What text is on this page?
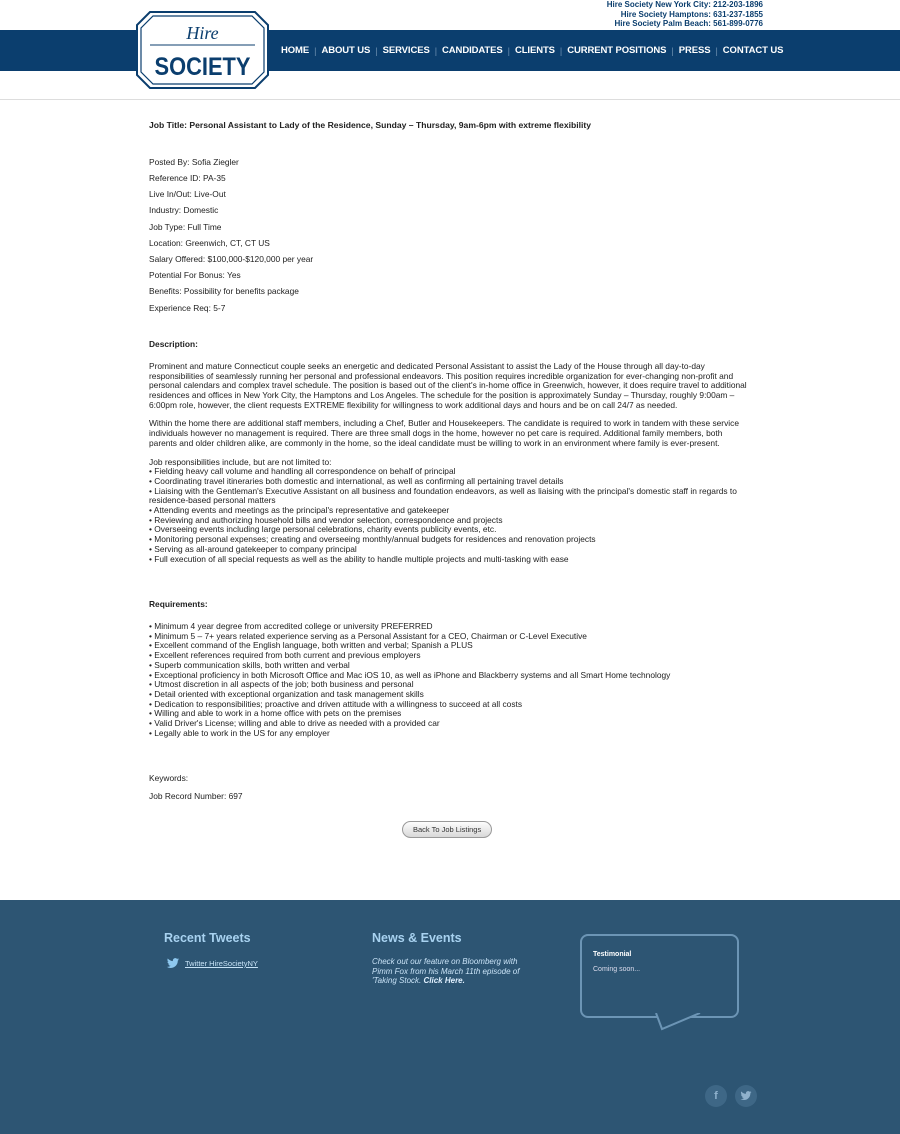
Hire Society New York City: 212-203-1896
Hire Society Hamptons: 631-237-1855
Hire Society Palm Beach: 561-899-0776
Hire
SOCIETY
HOME | ABOUT US | SERVICES | CANDIDATES | CLIENTS | CURRENT POSITIONS | PRESS | CONTACT US

Job Title: Personal Assistant to Lady of the Residence, Sunday – Thursday, 9am-6pm with extreme flexibility

Posted By: Sofia Ziegler

Reference ID: PA-35

Live In/Out: Live-Out

Industry: Domestic

Job Type: Full Time

Location: Greenwich, CT, CT US

Salary Offered: $100,000-$120,000 per year

Potential For Bonus: Yes

Benefits: Possibility for benefits package

Experience Req: 5-7

Description:

Prominent and mature Connecticut couple seeks an energetic and dedicated Personal Assistant to assist the Lady of the House through all day-to-day responsibilities of seamlessly running her personal and professional endeavors. This position requires incredible organization for ever-changing non-profit and personal calendars and complex travel schedule. The position is based out of the client's in-home office in Greenwich, however, it does require travel to additional residences and offices in New York City, the Hamptons and Los Angeles. The schedule for the position is approximately Sunday – Thursday, roughly 9:00am – 6:00pm role, however, the client requests EXTREME flexibility for willingness to work additional days and hours and be on call 24/7 as needed.

Within the home there are additional staff members, including a Chef, Butler and Housekeepers. The candidate is required to work in tandem with these service individuals however no management is required. There are three small dogs in the home, however no pet care is required. Additional family members, both parents and older children alike, are commonly in the home, so the ideal candidate must be willing to work in an environment where family is ever-present.

Job responsibilities include, but are not limited to:
• Fielding heavy call volume and handling all correspondence on behalf of principal
• Coordinating travel itineraries both domestic and international, as well as confirming all pertaining travel details
• Liaising with the Gentleman's Executive Assistant on all business and foundation endeavors, as well as liaising with the principal's domestic staff in regards to residence-based personal matters
• Attending events and meetings as the principal's representative and gatekeeper
• Reviewing and authorizing household bills and vendor selection, correspondence and projects
• Overseeing events including large personal celebrations, charity events publicity events, etc.
• Monitoring personal expenses; creating and overseeing monthly/annual budgets for residences and renovation projects
• Serving as all-around gatekeeper to company principal
• Full execution of all special requests as well as the ability to handle multiple projects and multi-tasking with ease

Requirements:

• Minimum 4 year degree from accredited college or university PREFERRED
• Minimum 5 – 7+ years related experience serving as a Personal Assistant for a CEO, Chairman or C-Level Executive
• Excellent command of the English language, both written and verbal; Spanish a PLUS
• Excellent references required from both current and previous employers
• Superb communication skills, both written and verbal
• Exceptional proficiency in both Microsoft Office and Mac iOS 10, as well as iPhone and Blackberry systems and all Smart Home technology
• Utmost discretion in all aspects of the job; both business and personal
• Detail oriented with exceptional organization and task management skills
• Dedication to responsibilities; proactive and driven attitude with a willingness to succeed at all costs
• Willing and able to work in a home office with pets on the premises
• Valid Driver's License; willing and able to drive as needed with a provided car
• Legally able to work in the US for any employer

Keywords:

Job Record Number: 697

Back To Job Listings
Recent Tweets
Twitter HireSocietyNY
News & Events
Check out our feature on Bloomberg with Pimm Fox from his March 11th episode of 'Taking Stock. Click Here.
Testimonial
Coming soon...
f
